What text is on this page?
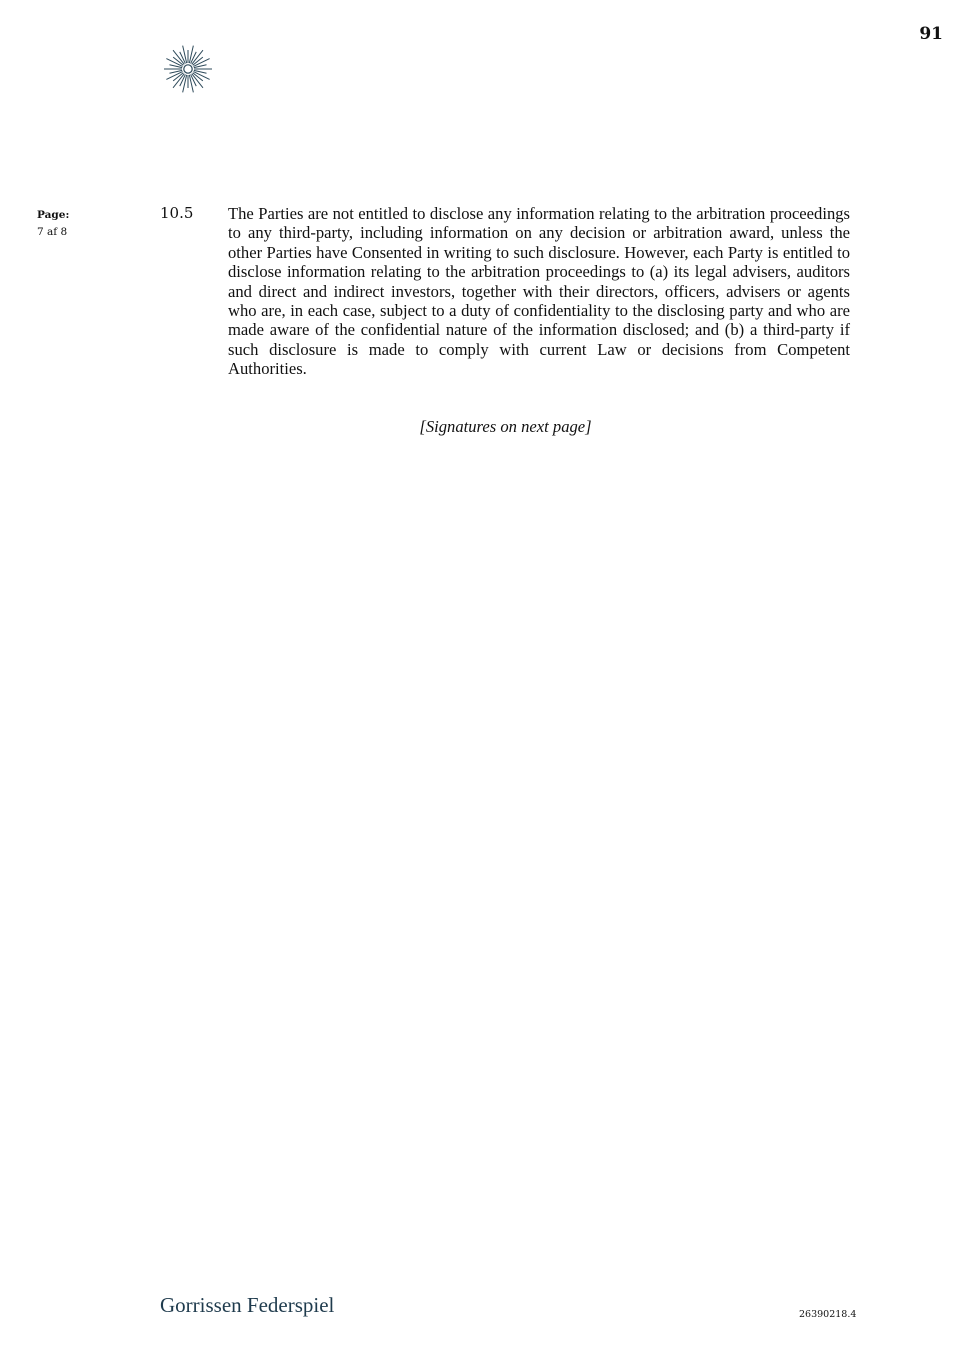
91
Page:
7 af 8
10.5 The Parties are not entitled to disclose any information relating to the arbitration proceedings to any third-party, including information on any decision or arbitration award, unless the other Parties have Consented in writing to such disclosure. However, each Party is entitled to disclose information relating to the arbitration proceedings to (a) its legal advisers, auditors and direct and indirect investors, together with their directors, officers, advisers or agents who are, in each case, subject to a duty of confidentiality to the disclosing party and who are made aware of the confidential nature of the information disclosed; and (b) a third-party if such disclosure is made to comply with current Law or decisions from Competent Authorities.

[Signatures on next page]
Gorrissen Federspiel	26390218.4
